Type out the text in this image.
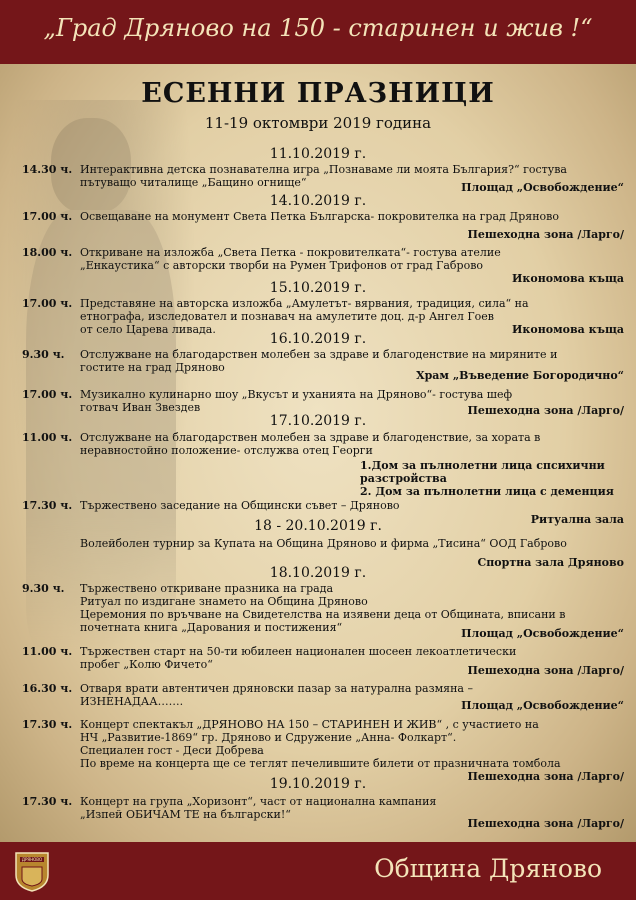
„Град Дряново на 150 - старинен и жив !“
ЕСЕННИ ПРАЗНИЦИ
11-19 октомври 2019 година
11.10.2019 г.
14.30 ч. Интерактивна детска познавателна игра „Познаваме ли моята България?“ гостува
пътуващо читалище „Бащино огнище“	Площад „Освобождение“
14.10.2019 г.
17.00 ч. Освещаване на монумент Света Петка Българска- покровителка на град Дряново
Пешеходна зона /Ларго/
18.00 ч. Откриване на изложба „Света Петка - покровителката“- гостува ателие
„Енкаустика“ с авторски творби на Румен Трифонов от град Габрово
Икономова къща
15.10.2019 г.
17.00 ч. Представяне на авторска изложба „Амулетът- вярвания, традиция, сила“ на
етнографа, изследовател и познавач на амулетите доц. д-р Ангел Гоев
от село Царева ливада.	Икономова къща
16.10.2019 г.
9.30 ч. Отслужване на благодарствен молебен за здраве и благоденствие на миряните и
гостите на град Дряново
Храм „Въведение Богородично“
17.00 ч. Музикално кулинарно шоу „Вкусът и уханията на Дряново“- гостува шеф
готвач Иван Звездев	Пешеходна зона /Ларго/
17.10.2019 г.
11.00 ч. Отслужване на благодарствен молебен за здраве и благоденствие, за хората в
неравностойно положение- отслужва отец Георги
1.Дом за пълнолетни лица спсихични
разстройства
2. Дом за пълнолетни лица с деменция
17.30 ч. Тържествено заседание на Общински съвет – Дряново
Ритуална зала
18 - 20.10.2019 г.
Волейболен турнир за Купата на Община Дряново и фирма „Тисина“ ООД Габрово
Спортна зала Дряново
18.10.2019 г.
9.30 ч. Тържествено откриване празника на града
Ритуал по издигане знамето на Община Дряново
Церемония по връчване на Свидетелства на изявени деца от Общината, вписани в
почетната книга „Дарования и постижения“	Площад „Освобождение“
11.00 ч. Тържествен старт на 50-ти юбилеен национален шосеен лекоатлетически
пробег „Колю Фичето“	Пешеходна зона /Ларго/
16.30 ч. Отваря врати автентичен дряновски пазар за натурална размяна –
ИЗНЕНАДАА…….	Площад „Освобождение“
17.30 ч. Концерт спектакъл „ДРЯНОВО НА 150 – СТАРИНЕН И ЖИВ“ , с участието на
НЧ „Развитие-1869“ гр. Дряново и Сдружение „Анна- Фолкарт“.
Специален гост - Деси Добрева
По време на концерта ще се теглят печелившите билети от празничната томбола
Пешеходна зона /Ларго/
19.10.2019 г.
17.30 ч. Концерт на група „Хоризонт“, част от национална кампания
„Изпей ОБИЧАМ ТЕ на български!“
Пешеходна зона /Ларго/
ДРЯНОВО	Община Дряново
